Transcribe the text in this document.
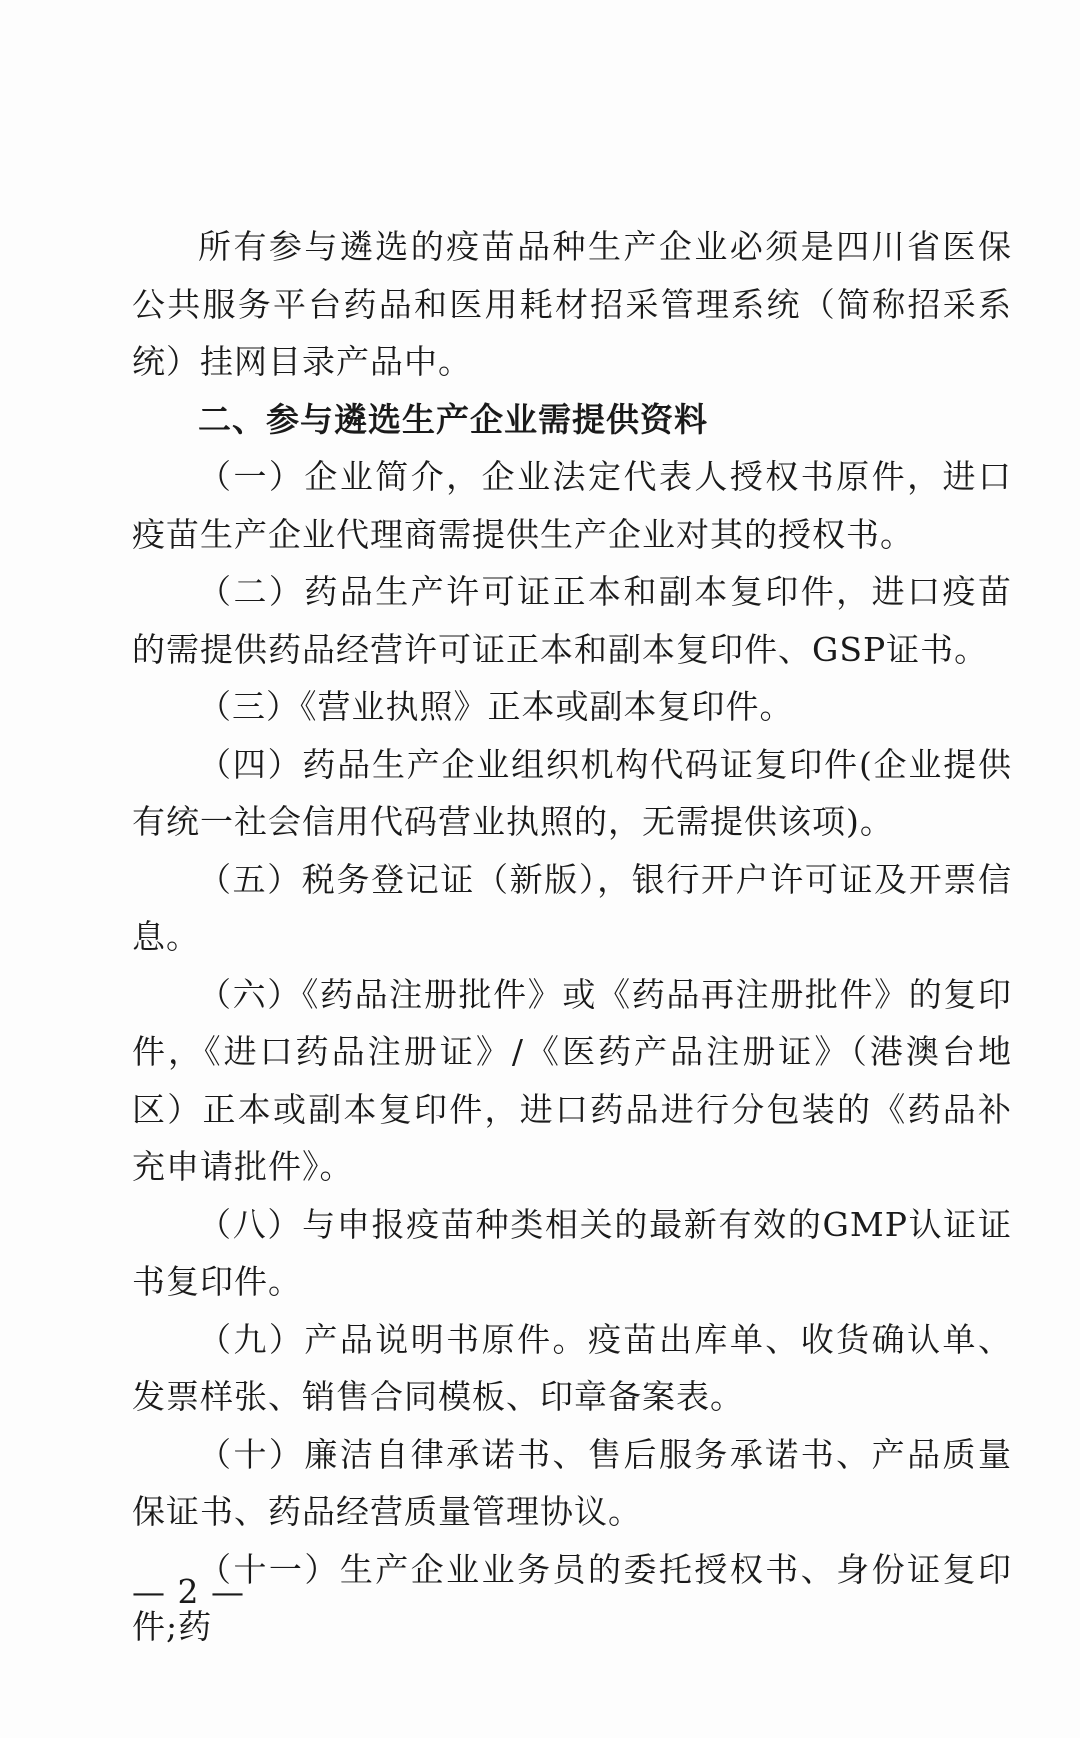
所有参与遴选的疫苗品种生产企业必须是四川省医保公共服务平台药品和医用耗材招采管理系统（简称招采系统）挂网目录产品中。

二、参与遴选生产企业需提供资料

（一）企业简介，企业法定代表人授权书原件，进口疫苗生产企业代理商需提供生产企业对其的授权书。

（二）药品生产许可证正本和副本复印件，进口疫苗的需提供药品经营许可证正本和副本复印件、GSP证书。

（三）《营业执照》正本或副本复印件。

（四）药品生产企业组织机构代码证复印件(企业提供有统一社会信用代码营业执照的，无需提供该项)。

（五）税务登记证（新版），银行开户许可证及开票信息。

（六）《药品注册批件》或《药品再注册批件》的复印件，《进口药品注册证》/《医药产品注册证》（港澳台地区）正本或副本复印件，进口药品进行分包装的《药品补充申请批件》。

（八）与申报疫苗种类相关的最新有效的GMP认证证书复印件。

（九）产品说明书原件。疫苗出库单、收货确认单、发票样张、销售合同模板、印章备案表。

（十）廉洁自律承诺书、售后服务承诺书、产品质量保证书、药品经营质量管理协议。

（十一）生产企业业务员的委托授权书、身份证复印件;药

— 2 —
